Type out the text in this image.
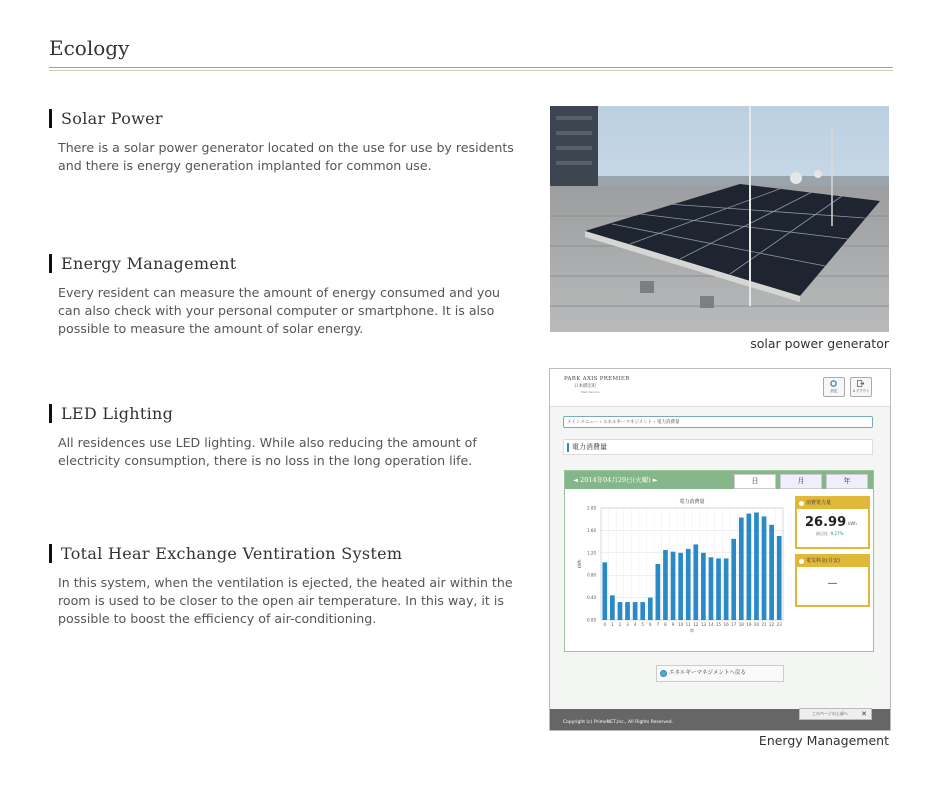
Ecology
Solar Power

There is a solar power generator located on the use for use by residents and there is energy generation implanted for common use.

Energy Management

Every resident can measure the amount of energy consumed and you can also check with your personal computer or smartphone. It is also possible to measure the amount of solar energy.

LED Lighting

All residences use LED lighting. While also reducing the amount of electricity consumption, there is no loss in the long operation life.

Total Hear Exchange Ventiration System

In this system, when the ventilation is ejected, the heated air within the room is used to be closer to the open air temperature. In this way, it is possible to boost the efficiency of air-conditioning.

solar power generator
PARK AXIS PREMIER
日本橋室町
Web Service	設定	ログアウト
メインメニュー › エネルギーマネジメント › 電力消費量
電力消費量
◄ 2014年04月29日(火曜) ►	日	月	年
電力消費量
2.00
1.60
1.20
0.80
0.40
0.00
0 1 2 3 4 5 6 7 8 9 10 11 12 13 14 15 16 17 18 19 20 21 22 23
時
kWh
消費電力量
26.99 kWh
前日比 -9.27%
電気料金(目安)
—
エネルギーマネジメントへ戻る
Copyright (c) PrimeNET,Inc., All Rights Reserved.
このページの上部へ ✕
Energy Management
